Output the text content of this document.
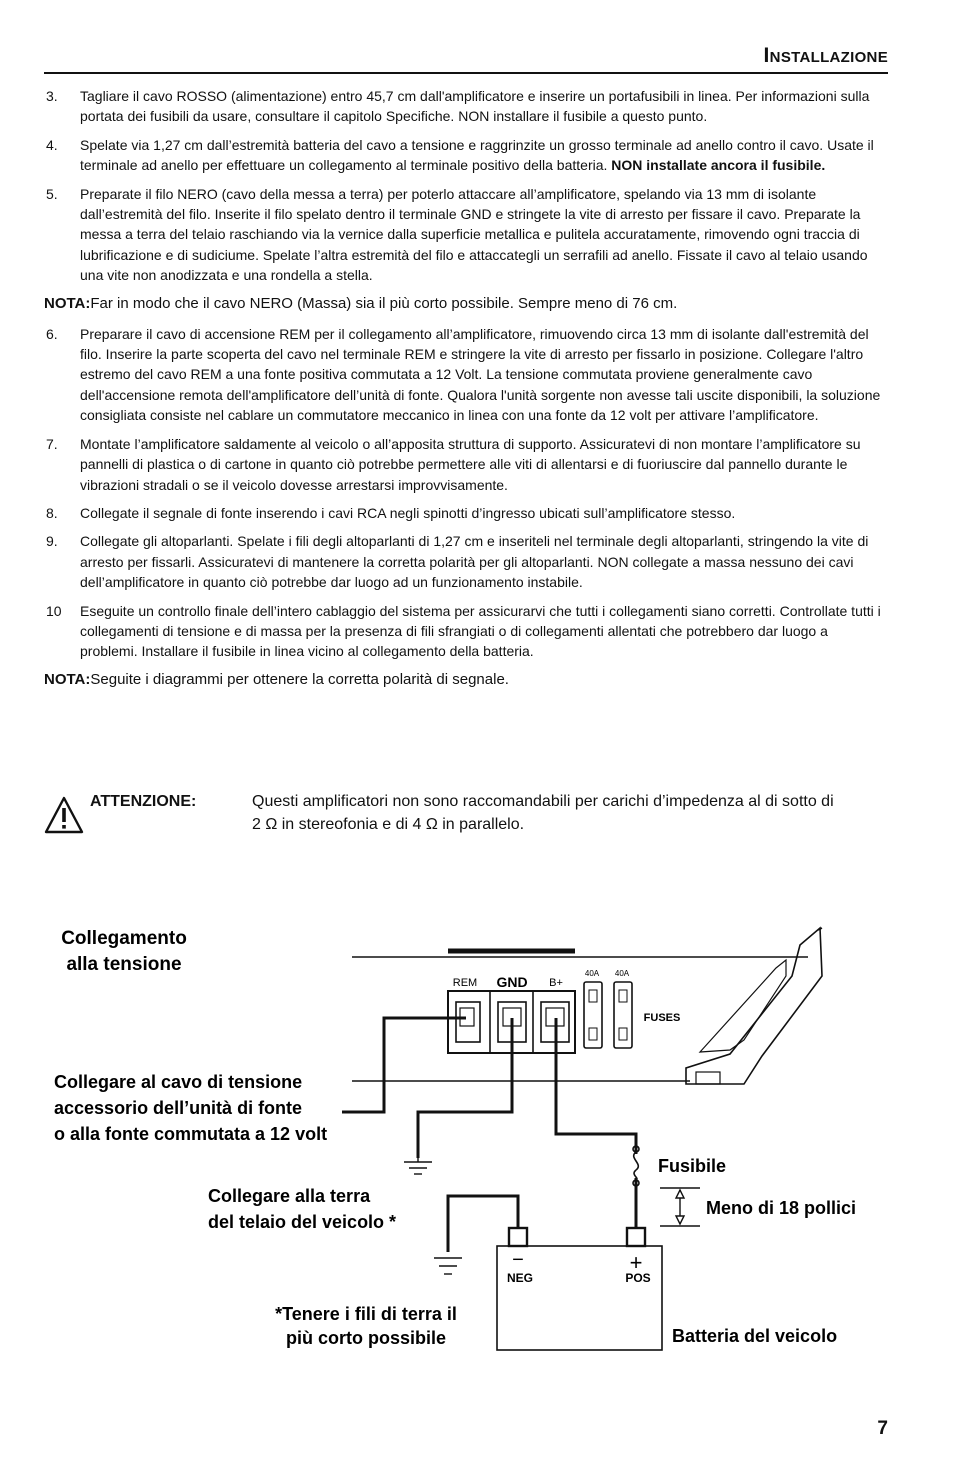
Installazione
3. Tagliare il cavo ROSSO (alimentazione) entro 45,7 cm dall'amplificatore e inserire un portafusibili in linea. Per informazioni sulla portata dei fusibili da usare, consultare il capitolo Specifiche. NON installare il fusibile a questo punto.
4. Spelate via 1,27 cm dall’estremità batteria del cavo a tensione e raggrinzite un grosso terminale ad anello contro il cavo. Usate il terminale ad anello per effettuare un collegamento al terminale positivo della batteria. NON installate ancora il fusibile.
5. Preparate il filo NERO (cavo della messa a terra) per poterlo attaccare all’amplificatore, spelando via 13 mm di isolante dall’estremità del filo. Inserite il filo spelato dentro il terminale GND e stringete la vite di arresto per fissare il cavo. Preparate la messa a terra del telaio raschiando via la vernice dalla superficie metallica e pulitela accuratamente, rimovendo ogni traccia di lubrificazione e di sudiciume. Spelate l’altra estremità del filo e attaccategli un serrafili ad anello. Fissate il cavo al telaio usando una vite non anodizzata e una rondella a stella.
NOTA:Far in modo che il cavo NERO (Massa) sia il più corto possibile. Sempre meno di 76 cm.
6. Preparare il cavo di accensione REM per il collegamento all’amplificatore, rimuovendo circa 13 mm di isolante dall'estremità del filo. Inserire la parte scoperta del cavo nel terminale REM e stringere la vite di arresto per fissarlo in posizione. Collegare l'altro estremo del cavo REM a una fonte positiva commutata a 12 Volt. La tensione commutata proviene generalmente cavo dell'accensione remota dell'amplificatore dell’unità di fonte. Qualora l'unità sorgente non avesse tali uscite disponibili, la soluzione consigliata consiste nel cablare un commutatore meccanico in linea con una fonte da 12 volt per attivare l’amplificatore.
7. Montate l’amplificatore saldamente al veicolo o all’apposita struttura di supporto. Assicuratevi di non montare l’amplificatore su pannelli di plastica o di cartone in quanto ciò potrebbe permettere alle viti di allentarsi e di fuoriuscire dal pannello durante le vibrazioni stradali o se il veicolo dovesse arrestarsi improvvisamente.
8. Collegate il segnale di fonte inserendo i cavi RCA negli spinotti d’ingresso ubicati sull’amplificatore stesso.
9. Collegate gli altoparlanti. Spelate i fili degli altoparlanti di 1,27 cm e inseriteli nel terminale degli altoparlanti, stringendo la vite di arresto per fissarli. Assicuratevi di mantenere la corretta polarità per gli altoparlanti. NON collegate a massa nessuno dei cavi dell’amplificatore in quanto ciò potrebbe dar luogo ad un funzionamento instabile.
10 Eseguite un controllo finale dell’intero cablaggio del sistema per assicurarvi che tutti i collegamenti siano corretti. Controllate tutti i collegamenti di tensione e di massa per la presenza di fili sfrangiati o di collegamenti allentati che potrebbero dar luogo a problemi. Installare il fusibile in linea vicino al collegamento della batteria.
NOTA:Seguite i diagrammi per ottenere la corretta polarità di segnale.
ATTENZIONE:	Questi amplificatori non sono raccomandabili per carichi d’impedenza al di sotto di
2 Ω in stereofonia e di 4 Ω in parallelo.
Collegamento
alla tensione
REM GND B+
40A 40A
FUSES
−	+
NEG	POS
Collegare al cavo di tensione
accessorio dell’unità di fonte
o alla fonte commutata a 12 volt
Fusibile
Meno di 18 pollici
Collegare alla terra
del telaio del veicolo *
*Tenere i fili di terra il
più corto possibile	Batteria del veicolo
7
